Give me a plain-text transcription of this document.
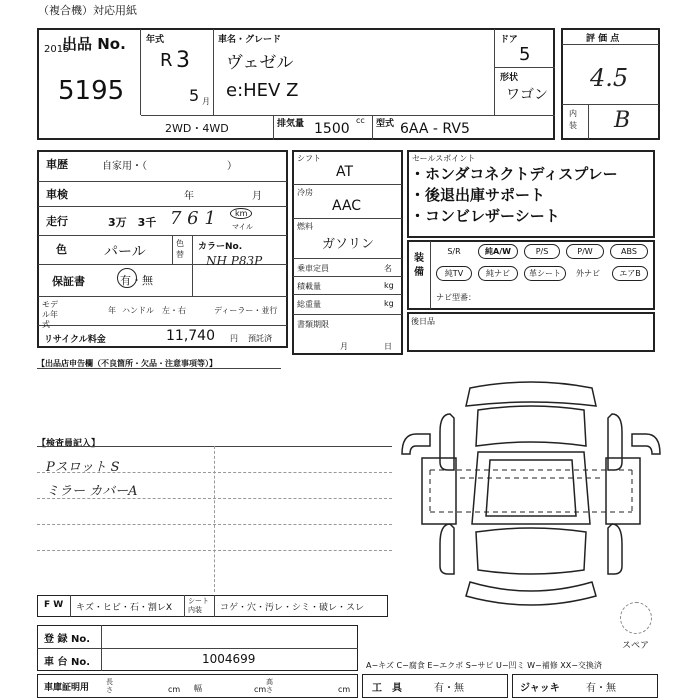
（複合機）対応用紙
出品 No.
2015
5195
年式
R 3
5 月
車名・グレード
ヴェゼル
e:HEV Z
ドア
5
形状
ワゴン
評 価 点
4.5
内装 B
2WD・4WD	排気量	cc
1500	型式 6AA - RV5
車歴	自家用・（　　　　　　　　）
車検	年	月
走行	3万　3千 7 6 1	km
マイル
色	パール
色替
カラーNo.
NH P83P
保証書	有・無
モデル年式
年 ハンドル 左・右	ディーラー・並行
リサイクル料金	11,740 円 預託済
シフト
AT
冷房
AAC
燃料
ガソリン
乗車定員	名
積載量	kg
総重量	kg
書類期限
月	日
セールスポイント
・ホンダコネクトディスプレー
・後退出庫サポート
・コンビレザーシート
装備
S/R	純A/W	P/S	P/W	ABS
純TV	純ナビ	革シート	外ナビ	エアB
ナビ型番：
後日品
【出品店申告欄（不良箇所・欠品・注意事項等）】
【検査員記入】
Pスロット S
ミラー カバーA
スペア
F W キズ・ヒビ・石・割レX
シート内装	コゲ・穴・汚レ・シミ・破レ・スレ
登 録 No.
車 台 No.	1004699
車庫証明用
長さ	cm 幅	cm
高さ	cm
A−キズ C−腐食 E−エクボ S−サビ U−凹ミ W−補修 XX−交換済
工　具	有・無	ジャッキ	有・無
